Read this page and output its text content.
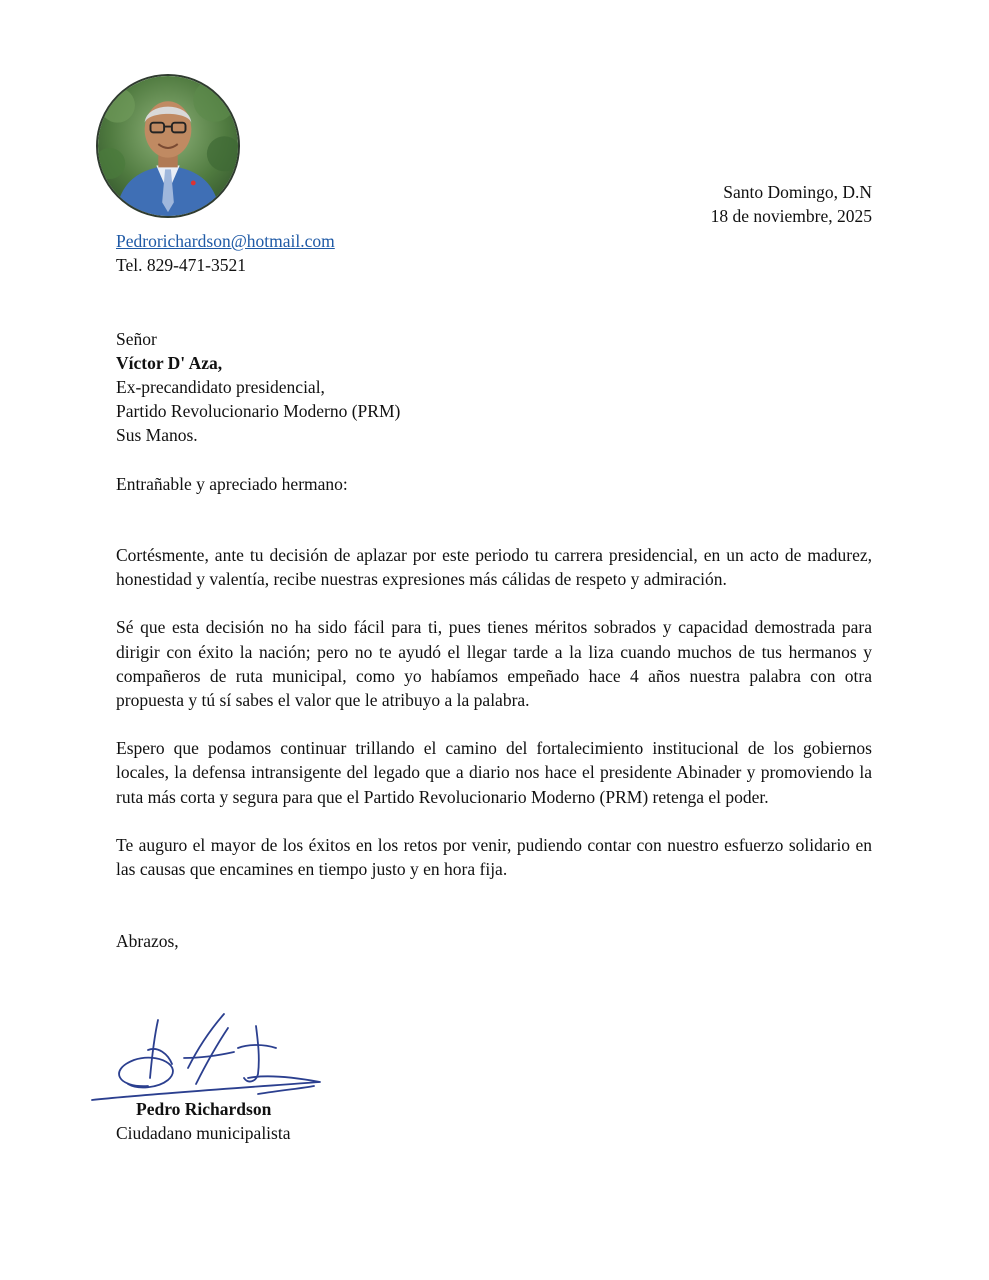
Santo Domingo, D.N
18 de noviembre, 2025
Pedrorichardson@hotmail.com
Tel. 829-471-3521
Señor
Víctor D' Aza,
Ex-precandidato presidencial,
Partido Revolucionario Moderno (PRM)
Sus Manos.
Entrañable y apreciado hermano:

Cortésmente, ante tu decisión de aplazar por este periodo tu carrera presidencial, en un acto de madurez, honestidad y valentía, recibe nuestras expresiones más cálidas de respeto y admiración.

Sé que esta decisión no ha sido fácil para ti, pues tienes méritos sobrados y capacidad demostrada para dirigir con éxito la nación; pero no te ayudó el llegar tarde a la liza cuando muchos de tus hermanos y compañeros de ruta municipal, como yo habíamos empeñado hace 4 años nuestra palabra con otra propuesta y tú sí sabes el valor que le atribuyo a la palabra.

Espero que podamos continuar trillando el camino del fortalecimiento institucional de los gobiernos locales, la defensa intransigente del legado que a diario nos hace el presidente Abinader y promoviendo la ruta más corta y segura para que el Partido Revolucionario Moderno (PRM) retenga el poder.

Te auguro el mayor de los éxitos en los retos por venir, pudiendo contar con nuestro esfuerzo solidario en las causas que encamines en tiempo justo y en hora fija.

Abrazos,
Pedro Richardson
Ciudadano municipalista
